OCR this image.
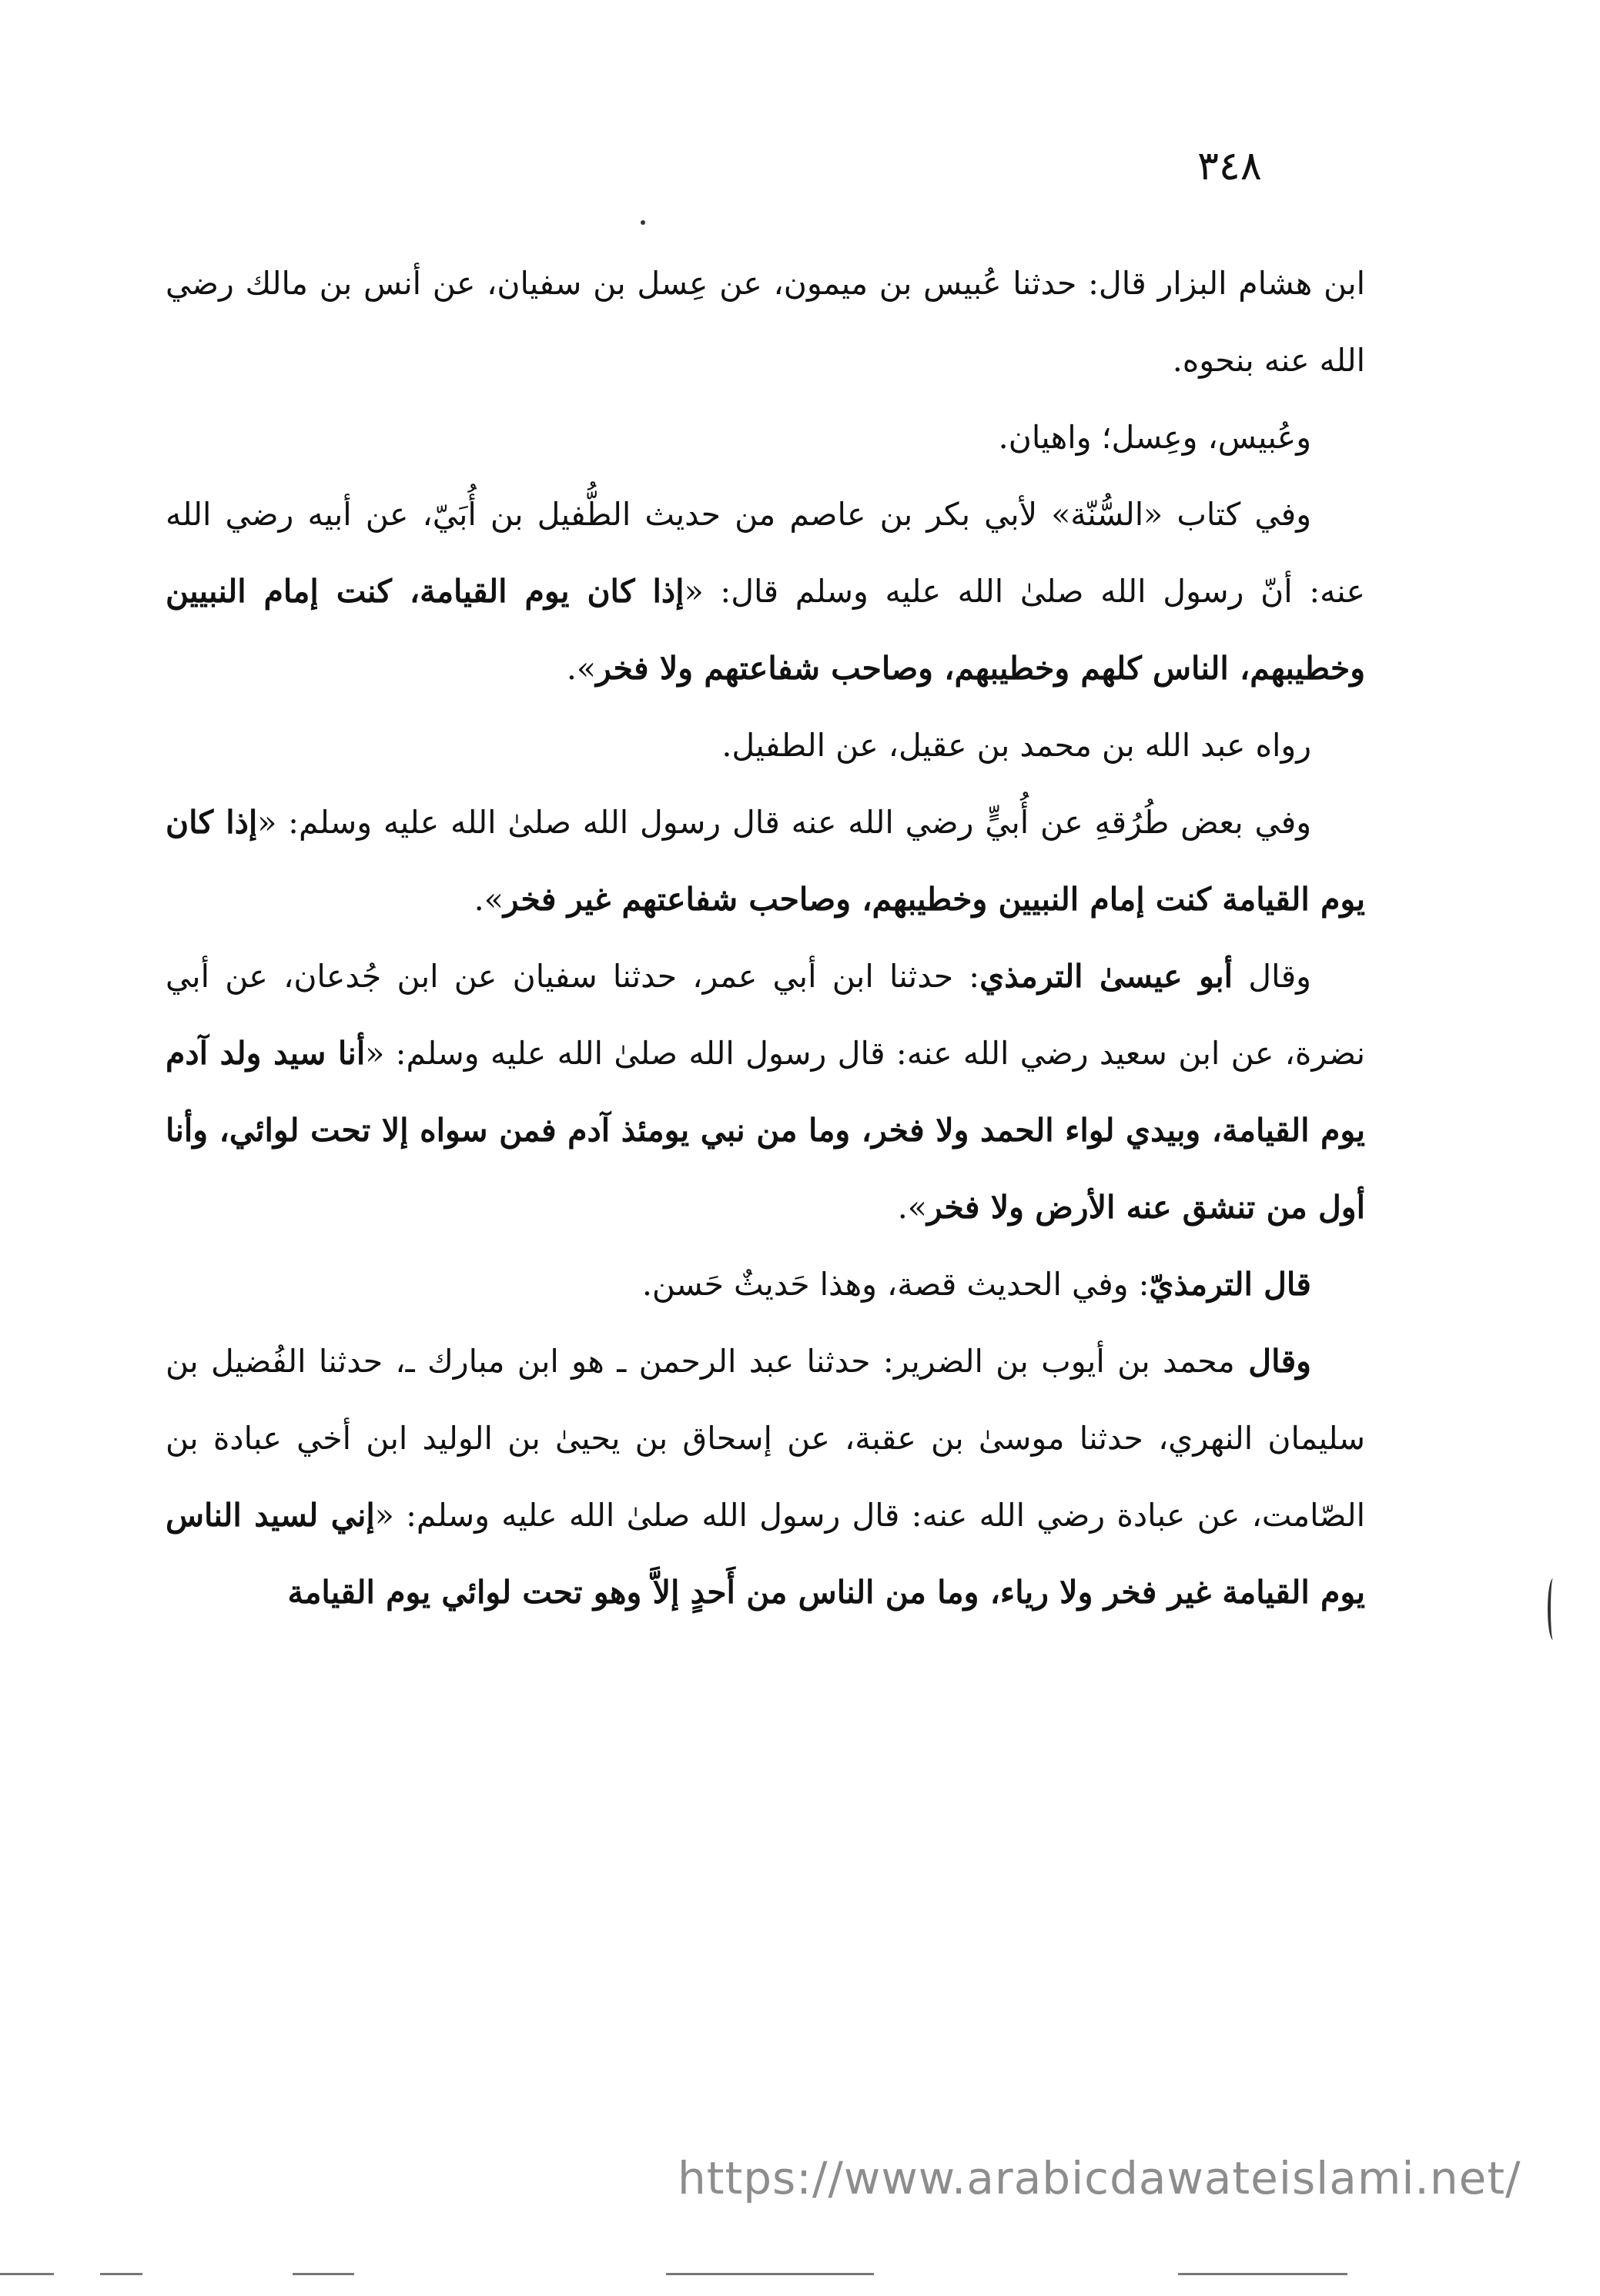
٣٤٨

ابن هشام البزار قال: حدثنا عُبيس بن ميمون، عن عِسل بن سفيان، عن أنس بن مالك رضي الله عنه بنحوه.

وعُبيس، وعِسل؛ واهيان.

وفي كتاب «السُّنّة» لأبي بكر بن عاصم من حديث الطُّفيل بن أُبَيّ، عن أبيه رضي الله عنه: أنّ رسول الله صلىٰ الله عليه وسلم قال: «إذا كان يوم القيامة، كنت إمام النبيين وخطيبهم، الناس كلهم وخطيبهم، وصاحب شفاعتهم ولا فخر».

رواه عبد الله بن محمد بن عقيل، عن الطفيل.

وفي بعض طُرُقهِ عن أُبيٍّ رضي الله عنه قال رسول الله صلىٰ الله عليه وسلم: «إذا كان يوم القيامة كنت إمام النبيين وخطيبهم، وصاحب شفاعتهم غير فخر».

وقال أبو عيسىٰ الترمذي: حدثنا ابن أبي عمر، حدثنا سفيان عن ابن جُدعان، عن أبي نضرة، عن ابن سعيد رضي الله عنه: قال رسول الله صلىٰ الله عليه وسلم: «أنا سيد ولد آدم يوم القيامة، وبيدي لواء الحمد ولا فخر، وما من نبي يومئذ آدم فمن سواه إلا تحت لوائي، وأنا أول من تنشق عنه الأرض ولا فخر».

قال الترمذيّ: وفي الحديث قصة، وهذا حَديثٌ حَسن.

وقال محمد بن أيوب بن الضرير: حدثنا عبد الرحمن ـ هو ابن مبارك ـ، حدثنا الفُضيل بن سليمان النهري، حدثنا موسىٰ بن عقبة، عن إسحاق بن يحيىٰ بن الوليد ابن أخي عبادة بن الصّامت، عن عبادة رضي الله عنه: قال رسول الله صلىٰ الله عليه وسلم: «إني لسيد الناس يوم القيامة غير فخر ولا رياء، وما من الناس من أَحدٍ إلاَّ وهو تحت لوائي يوم القيامة

https://www.arabicdawateislami.net/
